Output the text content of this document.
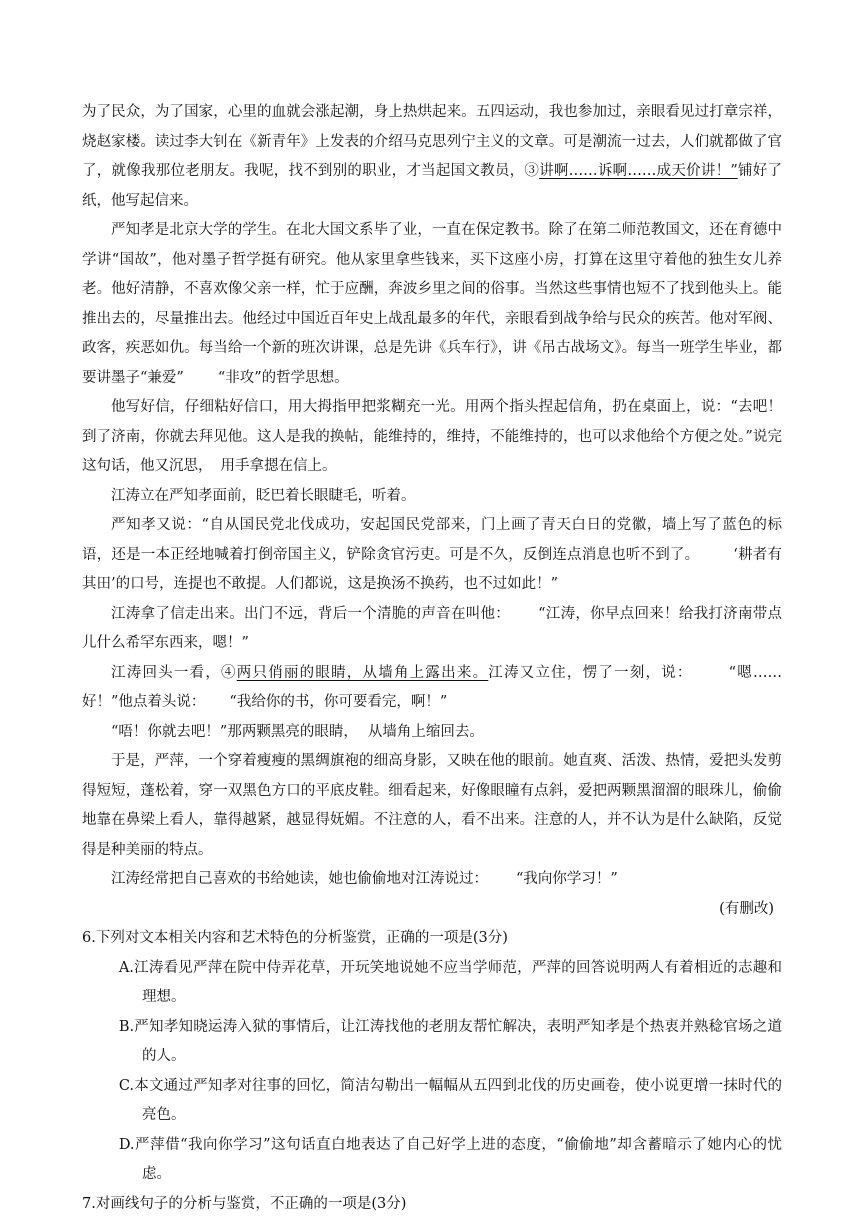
为了民众，为了国家，心里的血就会涨起潮，身上热烘起来。五四运动，我也参加过，亲眼看见过打章宗祥，烧赵家楼。读过李大钊在《新青年》上发表的介绍马克思列宁主义的文章。可是潮流一过去，人们就都做了官了，就像我那位老朋友。我呢，找不到别的职业，才当起国文教员，③讲啊……诉啊……成天价讲！”铺好了纸，他写起信来。

严知孝是北京大学的学生。在北大国文系毕了业，一直在保定教书。除了在第二师范教国文，还在育德中学讲“国故”，他对墨子哲学挺有研究。他从家里拿些钱来，买下这座小房，打算在这里守着他的独生女儿养老。他好清静，不喜欢像父亲一样，忙于应酬，奔波乡里之间的俗事。当然这些事情也短不了找到他头上。能推出去的，尽量推出去。他经过中国近百年史上战乱最多的年代，亲眼看到战争给与民众的疾苦。他对军阀、政客，疾恶如仇。每当给一个新的班次讲课，总是先讲《兵车行》，讲《吊古战场文》。每当一班学生毕业，都要讲墨子“兼爱” “非攻”的哲学思想。

他写好信，仔细粘好信口，用大拇指甲把浆糊充一光。用两个指头捏起信角，扔在桌面上，说：“去吧！到了济南，你就去拜见他。这人是我的换帖，能维持的，维持，不能维持的，也可以求他给个方便之处。”说完这句话，他又沉思， 用手拿摁在信上。

江涛立在严知孝面前，眨巴着长眼睫毛，听着。

严知孝又说：“自从国民党北伐成功，安起国民党部来，门上画了青天白日的党徽，墙上写了蓝色的标语，还是一本正经地喊着打倒帝国主义，铲除贪官污吏。可是不久，反倒连点消息也听不到了。 ‘耕者有其田’的口号，连提也不敢提。人们都说，这是换汤不换药，也不过如此！”

江涛拿了信走出来。出门不远，背后一个清脆的声音在叫他： “江涛，你早点回来！给我打济南带点儿什么希罕东西来，嗯！”

江涛回头一看，④两只俏丽的眼睛，从墙角上露出来。江涛又立住，愣了一刻，说： “嗯……好！”他点着头说： “我给你的书，你可要看完，啊！”

“唔！你就去吧！”那两颗黑亮的眼睛， 从墙角上缩回去。

于是，严萍，一个穿着瘦瘦的黑绸旗袍的细高身影，又映在他的眼前。她直爽、活泼、热情，爱把头发剪得短短，蓬松着，穿一双黑色方口的平底皮鞋。细看起来，好像眼瞳有点斜，爱把两颗黑溜溜的眼珠儿，偷偷地靠在鼻梁上看人，靠得越紧，越显得妩媚。不注意的人，看不出来。注意的人，并不认为是什么缺陷，反觉得是种美丽的特点。

江涛经常把自己喜欢的书给她读，她也偷偷地对江涛说过： “我向你学习！”

(有删改)

6.下列对文本相关内容和艺术特色的分析鉴赏，正确的一项是(3分)

A.江涛看见严萍在院中侍弄花草，开玩笑地说她不应当学师范，严萍的回答说明两人有着相近的志趣和理想。

B.严知孝知晓运涛入狱的事情后，让江涛找他的老朋友帮忙解决，表明严知孝是个热衷并熟稔官场之道的人。

C.本文通过严知孝对往事的回忆，简洁勾勒出一幅幅从五四到北伐的历史画卷，使小说更增一抹时代的亮色。

D.严萍借“我向你学习”这句话直白地表达了自己好学上进的态度，“偷偷地”却含蓄暗示了她内心的忧虑。

7.对画线句子的分析与鉴赏，不正确的一项是(3分)
